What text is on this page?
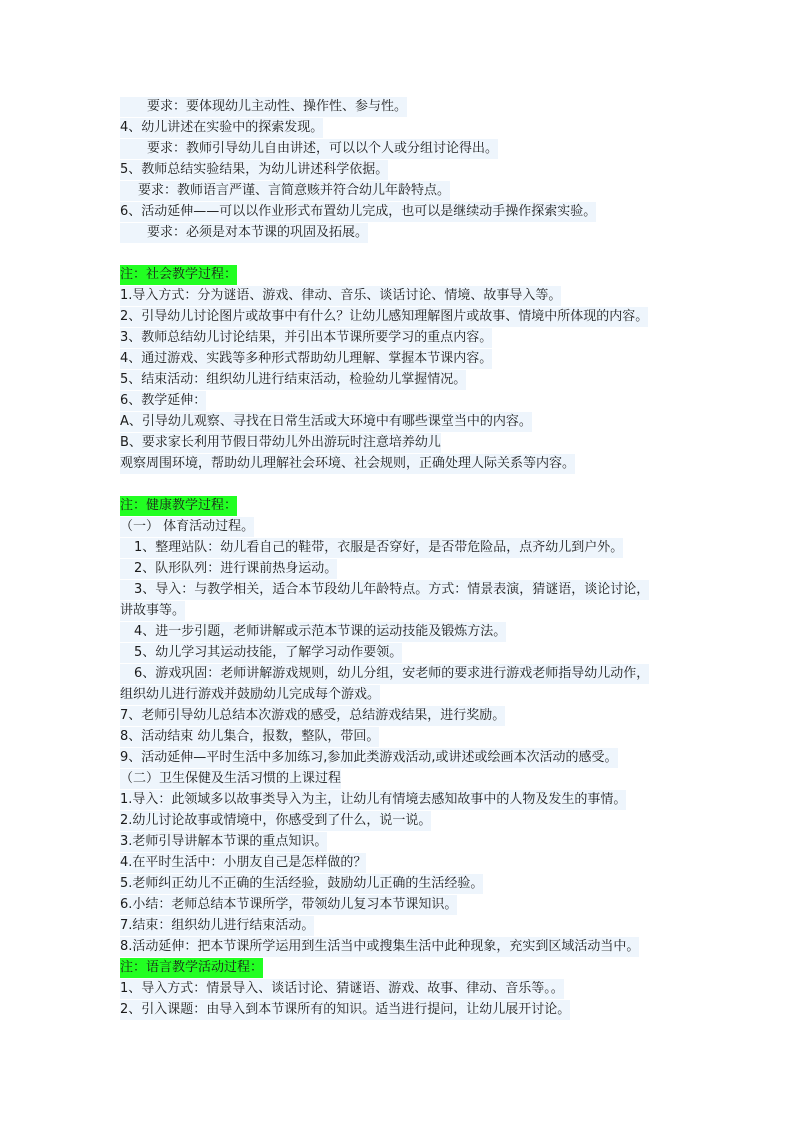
要求：要体现幼儿主动性、操作性、参与性。
4、幼儿讲述在实验中的探索发现。
要求：教师引导幼儿自由讲述，可以以个人或分组讨论得出。
5、教师总结实验结果，为幼儿讲述科学依据。
要求：教师语言严谨、言简意赅并符合幼儿年龄特点。
6、活动延伸——可以以作业形式布置幼儿完成，也可以是继续动手操作探索实验。
要求：必须是对本节课的巩固及拓展。
注：社会教学过程：
1.导入方式：分为谜语、游戏、律动、音乐、谈话讨论、情境、故事导入等。
2、引导幼儿讨论图片或故事中有什么？让幼儿感知理解图片或故事、情境中所体现的内容。
3、教师总结幼儿讨论结果，并引出本节课所要学习的重点内容。
4、通过游戏、实践等多种形式帮助幼儿理解、掌握本节课内容。
5、结束活动：组织幼儿进行结束活动，检验幼儿掌握情况。
6、教学延伸：
A、引导幼儿观察、寻找在日常生活或大环境中有哪些课堂当中的内容。
B、要求家长利用节假日带幼儿外出游玩时注意培养幼儿
观察周围环境，帮助幼儿理解社会环境、社会规则，正确处理人际关系等内容。
注：健康教学过程：
（一） 体育活动过程。
1、整理站队：幼儿看自己的鞋带，衣服是否穿好，是否带危险品，点齐幼儿到户外。
2、队形队列：进行课前热身运动。
3、导入：与教学相关，适合本节段幼儿年龄特点。方式：情景表演，猜谜语，谈论讨论，
讲故事等。
4、进一步引题，老师讲解或示范本节课的运动技能及锻炼方法。
5、幼儿学习其运动技能，了解学习动作要领。
6、游戏巩固：老师讲解游戏规则，幼儿分组，安老师的要求进行游戏老师指导幼儿动作，
组织幼儿进行游戏并鼓励幼儿完成每个游戏。
7、老师引导幼儿总结本次游戏的感受，总结游戏结果，进行奖励。
8、活动结束 幼儿集合，报数，整队，带回。
9、活动延伸—平时生活中多加练习,参加此类游戏活动,或讲述或绘画本次活动的感受。
（二）卫生保健及生活习惯的上课过程
1.导入：此领域多以故事类导入为主，让幼儿有情境去感知故事中的人物及发生的事情。
2.幼儿讨论故事或情境中，你感受到了什么，说一说。
3.老师引导讲解本节课的重点知识。
4.在平时生活中：小朋友自己是怎样做的？
5.老师纠正幼儿不正确的生活经验，鼓励幼儿正确的生活经验。
6.小结：老师总结本节课所学，带领幼儿复习本节课知识。
7.结束：组织幼儿进行结束活动。
8.活动延伸：把本节课所学运用到生活当中或搜集生活中此种现象，充实到区域活动当中。
注：语言教学活动过程：
1、导入方式：情景导入、谈话讨论、猜谜语、游戏、故事、律动、音乐等。。
2、引入课题：由导入到本节课所有的知识。适当进行提问，让幼儿展开讨论。
